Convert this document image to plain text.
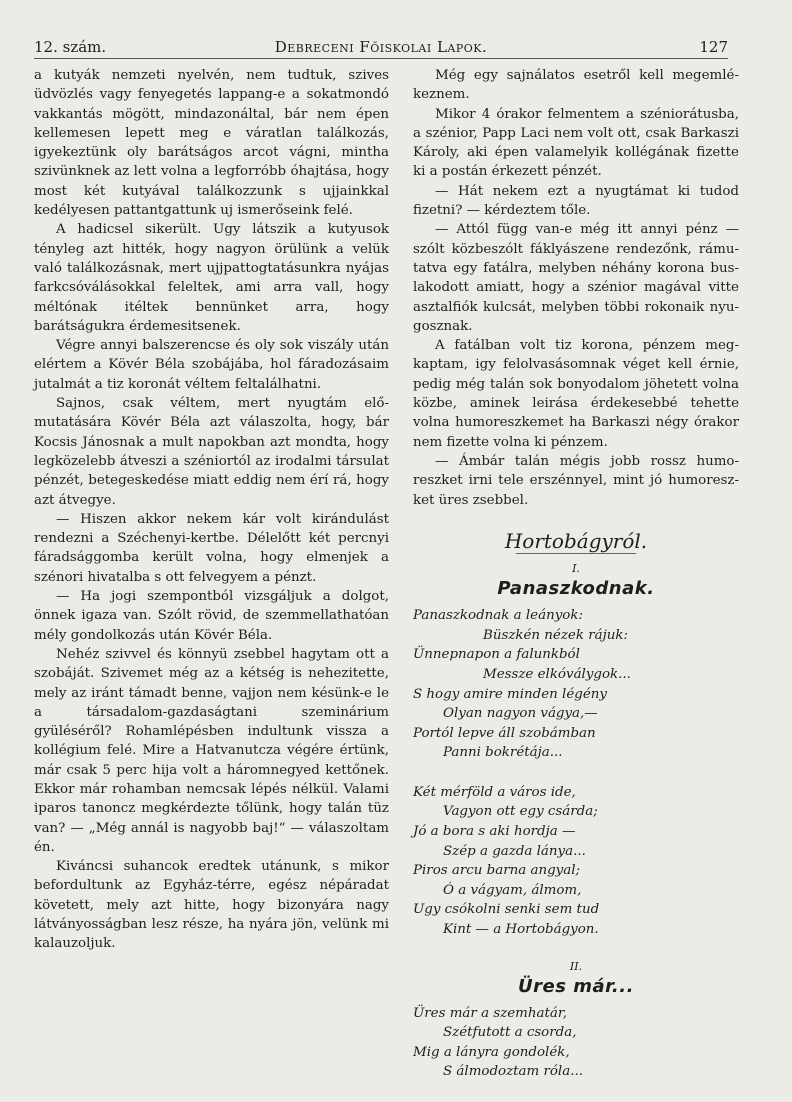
12. szám.	Debreceni Főiskolai Lapok.	127

a kutyák nemzeti nyelvén, nem tudtuk, szives üdvözlés vagy fenyegetés lappang-e a sokatmondó vakkantás mögött, mindazonáltal, bár nem épen kellemesen lepett meg e váratlan találkozás, igyekeztünk oly barátságos arcot vágni, mintha szivünknek az lett volna a legforróbb óhajtása, hogy most két kutyával találkozzunk s ujjainkkal kedélyesen pattantgattunk uj ismerőseink felé.

A hadicsel sikerült. Ugy látszik a kutyusok tényleg azt hitték, hogy nagyon örülünk a velük való találkozásnak, mert ujjpattogtatásunkra nyájas farkcsóválásokkal feleltek, ami arra vall, hogy méltónak itéltek bennünket arra, hogy barátságukra érdemesitsenek.

Végre annyi balszerencse és oly sok viszály után elértem a Kövér Béla szobájába, hol fáradozásaim jutalmát a tiz koronát véltem feltalálhatni.

Sajnos, csak véltem, mert nyugtám előmutatására Kövér Béla azt válaszolta, hogy, bár Kocsis Jánosnak a mult napokban azt mondta, hogy legközelebb átveszi a széniortól az irodalmi társulat pénzét, betegeskedése miatt eddig nem érí rá, hogy azt átvegye.

— Hiszen akkor nekem kár volt kirándulást rendezni a Széchenyi-kertbe. Délelőtt két percnyi fáradsággomba került volna, hogy elmenjek a szénori hivatalba s ott felvegyem a pénzt.

— Ha jogi szempontból vizsgáljuk a dolgot, önnek igaza van. Szólt rövid, de szemmellathatóan mély gondolkozás után Kövér Béla.

Nehéz szivvel és könnyü zsebbel hagytam ott a szobáját. Szivemet még az a kétség is nehezitette, mely az iránt támadt benne, vajjon nem késünk-e le a társadalom-gazdaságtani szeminárium gyüléséről? Rohamlépésben indultunk vissza a kollégium felé. Mire a Hatvanutcza végére értünk, már csak 5 perc hija volt a háromnegyed kettőnek. Ekkor már rohamban nemcsak lépés nélkül. Valami iparos tanoncz megkérdezte tőlünk, hogy talán tüz van? — „Még annál is nagyobb baj!“ — válaszoltam én.

Kiváncsi suhancok eredtek utánunk, s mikor befordultunk az Egyház-térre, egész népáradat követett, mely azt hitte, hogy bizonyára nagy látványosságban lesz része, ha nyára jön, velünk mi kalauzoljuk.

Még egy sajnálatos esetről kell megemlékeznem.

Mikor 4 órakor felmentem a széniorátusba, a szénior, Papp Laci nem volt ott, csak Barkaszi Károly, aki épen valamelyik kollégának fizette ki a postán érkezett pénzét.

— Hát nekem ezt a nyugtámat ki tudod fizetni? — kérdeztem tőle.

— Attól függ van-e még itt annyi pénz — szólt közbeszólt fáklyászene rendezőnk, rámutatva egy fatálra, melyben néhány korona buslakodott amiatt, hogy a szénior magával vitte asztalfiók kulcsát, melyben többi rokonaik nyugosznak.

A fatálban volt tiz korona, pénzem megkaptam, igy felolvasásomnak véget kell érnie, pedig még talán sok bonyodalom jöhetett volna közbe, aminek leirása érdekesebbé tehette volna humoreszkemet ha Barkaszi négy órakor nem fizette volna ki pénzem.

— Ámbár talán mégis jobb rossz humoreszket irni tele erszénnyel, mint jó humoreszket üres zsebbel.

Hortobágyról.
I.
Panaszkodnak.
Panaszkodnak a leányok:
Büszkén nézek rájuk:
Ünnepnapon a falunkból
Messze elkóválygok...
S hogy amire minden légény
Olyan nagyon vágya,—
Portól lepve áll szobámban
Panni bokrétája...
Két mérföld a város ide,
Vagyon ott egy csárda;
Jó a bora s aki hordja —
Szép a gazda lánya...
Piros arcu barna angyal;
Ó a vágyam, álmom,
Ugy csókolni senki sem tud
Kint — a Hortobágyon.
II.
Üres már...
Üres már a szemhatár,
Szétfutott a csorda,
Mig a lányra gondolék,
S álmodoztam róla...
